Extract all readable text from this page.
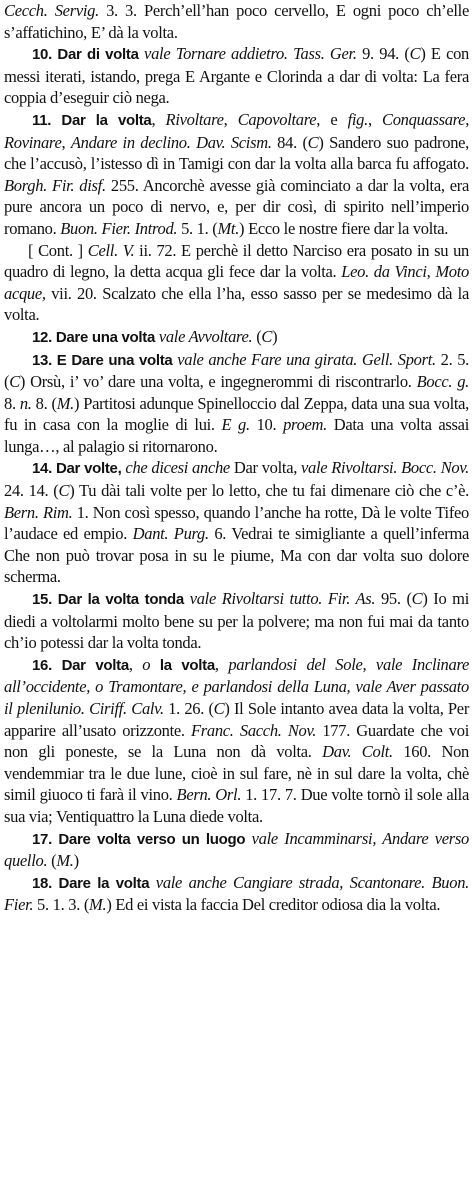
Cecch. Servig. 3. 3. Perch’ell’han poco cervello, E ogni poco ch’elle s’affatichino, E’ dà la volta.

10. Dar di volta vale Tornare addietro. Tass. Ger. 9. 94. (C) E con messi iterati, istando, prega E Argante e Clorinda a dar di volta: La fera coppia d’eseguir ciò nega.

11. Dar la volta, Rivoltare, Capovoltare, e fig., Conquassare, Rovinare, Andare in declino. Dav. Scism. 84. (C) Sandero suo padrone, che l’accusò, l’istesso dì in Tamigi con dar la volta alla barca fu affogato. Borgh. Fir. disf. 255. Ancorchè avesse già cominciato a dar la volta, era pure ancora un poco di nervo, e, per dir così, di spirito nell’imperio romano. Buon. Fier. Introd. 5. 1. (Mt.) Ecco le nostre fiere dar la volta.

[ Cont. ] Cell. V. ii. 72. E perchè il detto Narciso era posato in su un quadro di legno, la detta acqua gli fece dar la volta. Leo. da Vinci, Moto acque, vii. 20. Scalzato che ella l’ha, esso sasso per se medesimo dà la volta.

12. Dare una volta vale Avvoltare. (C)

13. E Dare una volta vale anche Fare una girata. Gell. Sport. 2. 5. (C) Orsù, i’ vo’ dare una volta, e ingegnerommi di riscontrarlo. Bocc. g. 8. n. 8. (M.) Partitosi adunque Spinelloccio dal Zeppa, data una sua volta, fu in casa con la moglie di lui. E g. 10. proem. Data una volta assai lunga…, al palagio si ritornarono.

14. Dar volte, che dicesi anche Dar volta, vale Rivoltarsi. Bocc. Nov. 24. 14. (C) Tu dài tali volte per lo letto, che tu fai dimenare ciò che c’è. Bern. Rim. 1. Non così spesso, quando l’anche ha rotte, Dà le volte Tifeo l’audace ed empio. Dant. Purg. 6. Vedrai te simigliante a quell’inferma Che non può trovar posa in su le piume, Ma con dar volta suo dolore scherma.

15. Dar la volta tonda vale Rivoltarsi tutto. Fir. As. 95. (C) Io mi diedi a voltolarmi molto bene su per la polvere; ma non fui mai da tanto ch’io potessi dar la volta tonda.

16. Dar volta, o la volta, parlandosi del Sole, vale Inclinare all’occidente, o Tramontare, e parlandosi della Luna, vale Aver passato il plenilunio. Ciriff. Calv. 1. 26. (C) Il Sole intanto avea data la volta, Per apparire all’usato orizzonte. Franc. Sacch. Nov. 177. Guardate che voi non gli poneste, se la Luna non dà volta. Dav. Colt. 160. Non vendemmiar tra le due lune, cioè in sul fare, nè in sul dare la volta, chè simil giuoco ti farà il vino. Bern. Orl. 1. 17. 7. Due volte tornò il sole alla sua via; Ventiquattro la Luna diede volta.

17. Dare volta verso un luogo vale Incamminarsi, Andare verso quello. (M.)

18. Dare la volta vale anche Cangiare strada, Scantonare. Buon. Fier. 5. 1. 3. (M.) Ed ei vista la faccia Del creditor odiosa dia la volta.
